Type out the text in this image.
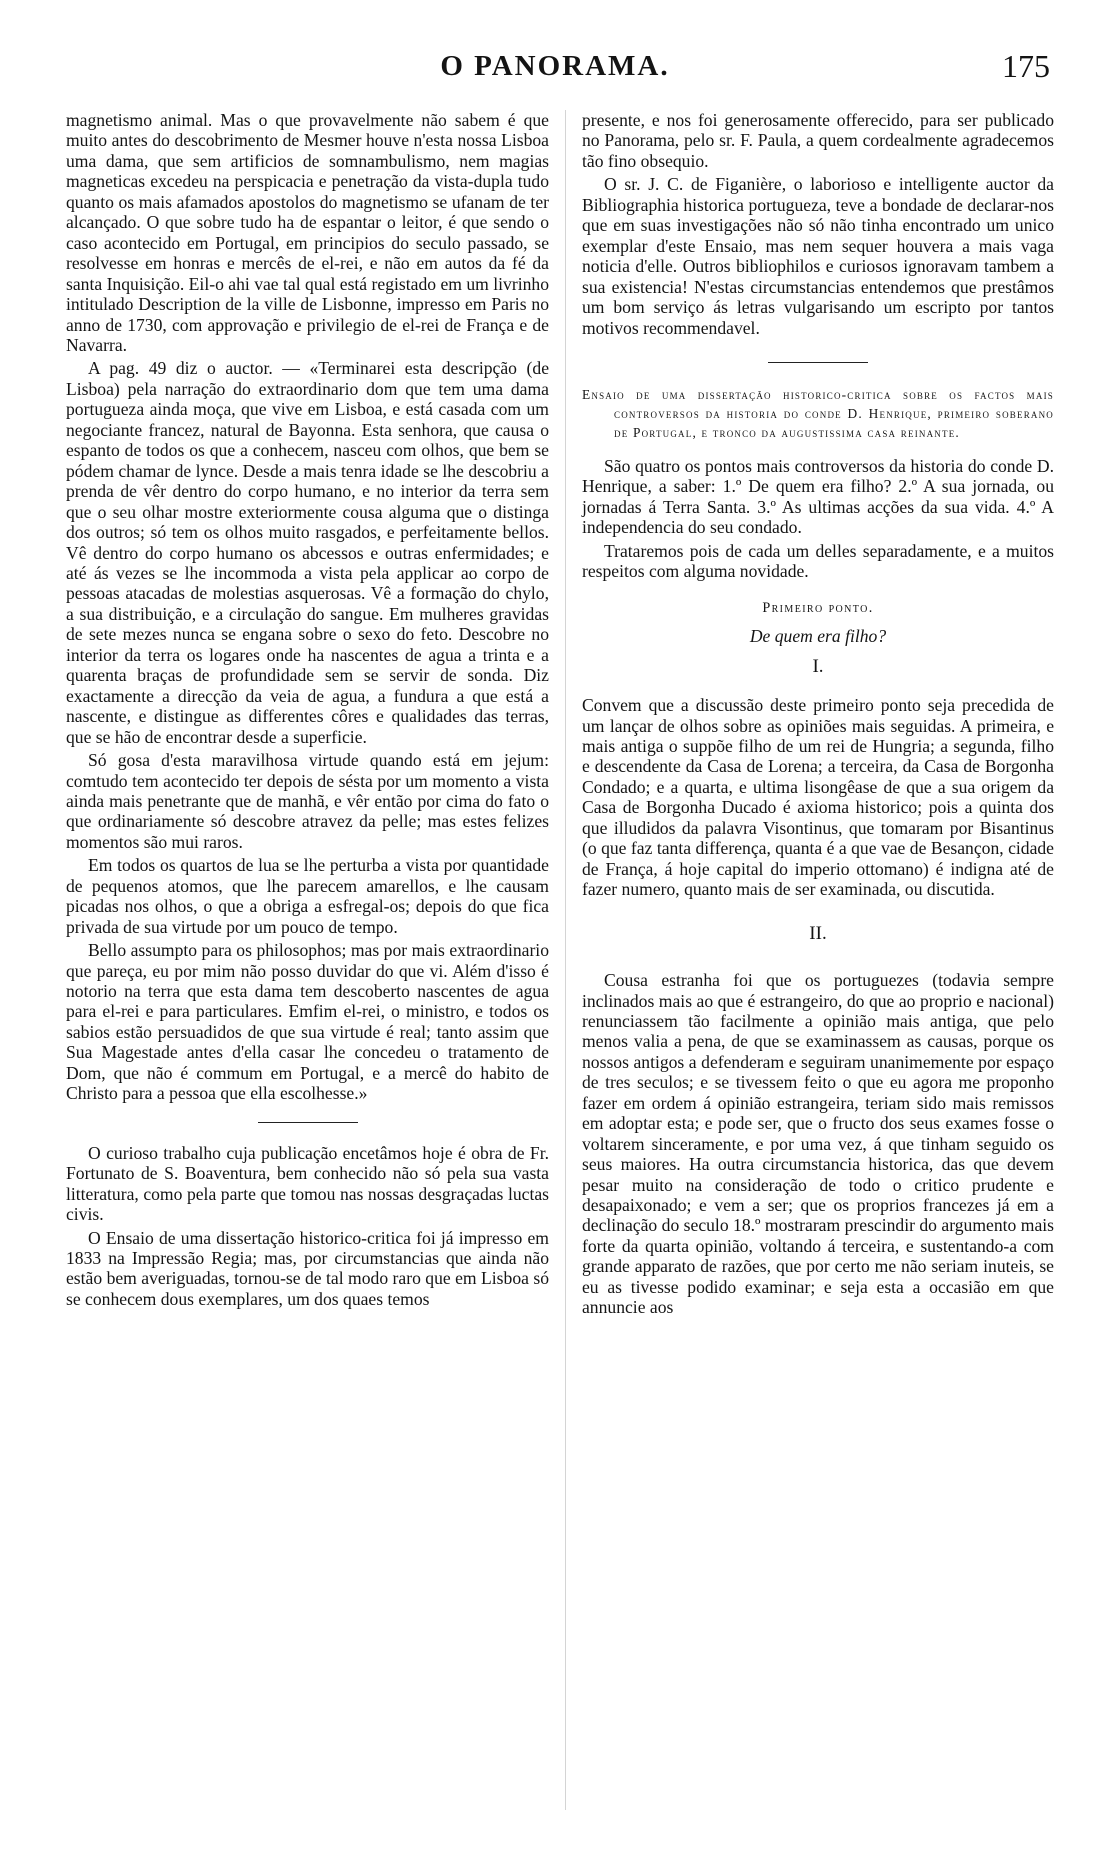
O PANORAMA.	175

magnetismo animal. Mas o que provavelmente não sabem é que muito antes do descobrimento de Mesmer houve n'esta nossa Lisboa uma dama, que sem artificios de somnambulismo, nem magias magneticas excedeu na perspicacia e penetração da vista-dupla tudo quanto os mais afamados apostolos do magnetismo se ufanam de ter alcançado. O que sobre tudo ha de espantar o leitor, é que sendo o caso acontecido em Portugal, em principios do seculo passado, se resolvesse em honras e mercês de el-rei, e não em autos da fé da santa Inquisição. Eil-o ahi vae tal qual está registado em um livrinho intitulado Description de la ville de Lisbonne, impresso em Paris no anno de 1730, com approvação e privilegio de el-rei de França e de Navarra.

A pag. 49 diz o auctor. — «Terminarei esta descripção (de Lisboa) pela narração do extraordinario dom que tem uma dama portugueza ainda moça, que vive em Lisboa, e está casada com um negociante francez, natural de Bayonna. Esta senhora, que causa o espanto de todos os que a conhecem, nasceu com olhos, que bem se pódem chamar de lynce. Desde a mais tenra idade se lhe descobriu a prenda de vêr dentro do corpo humano, e no interior da terra sem que o seu olhar mostre exteriormente cousa alguma que o distinga dos outros; só tem os olhos muito rasgados, e perfeitamente bellos. Vê dentro do corpo humano os abcessos e outras enfermidades; e até ás vezes se lhe incommoda a vista pela applicar ao corpo de pessoas atacadas de molestias asquerosas. Vê a formação do chylo, a sua distribuição, e a circulação do sangue. Em mulheres gravidas de sete mezes nunca se engana sobre o sexo do feto. Descobre no interior da terra os logares onde ha nascentes de agua a trinta e a quarenta braças de profundidade sem se servir de sonda. Diz exactamente a direcção da veia de agua, a fundura a que está a nascente, e distingue as differentes côres e qualidades das terras, que se hão de encontrar desde a superficie.

Só gosa d'esta maravilhosa virtude quando está em jejum: comtudo tem acontecido ter depois de sésta por um momento a vista ainda mais penetrante que de manhã, e vêr então por cima do fato o que ordinariamente só descobre atravez da pelle; mas estes felizes momentos são mui raros.

Em todos os quartos de lua se lhe perturba a vista por quantidade de pequenos atomos, que lhe parecem amarellos, e lhe causam picadas nos olhos, o que a obriga a esfregal-os; depois do que fica privada de sua virtude por um pouco de tempo.

Bello assumpto para os philosophos; mas por mais extraordinario que pareça, eu por mim não posso duvidar do que vi. Além d'isso é notorio na terra que esta dama tem descoberto nascentes de agua para el-rei e para particulares. Emfim el-rei, o ministro, e todos os sabios estão persuadidos de que sua virtude é real; tanto assim que Sua Magestade antes d'ella casar lhe concedeu o tratamento de Dom, que não é commum em Portugal, e a mercê do habito de Christo para a pessoa que ella escolhesse.»

O curioso trabalho cuja publicação encetâmos hoje é obra de Fr. Fortunato de S. Boaventura, bem conhecido não só pela sua vasta litteratura, como pela parte que tomou nas nossas desgraçadas luctas civis.

O Ensaio de uma dissertação historico-critica foi já impresso em 1833 na Impressão Regia; mas, por circumstancias que ainda não estão bem averiguadas, tornou-se de tal modo raro que em Lisboa só se conhecem dous exemplares, um dos quaes temos

presente, e nos foi generosamente offerecido, para ser publicado no Panorama, pelo sr. F. Paula, a quem cordealmente agradecemos tão fino obsequio.

O sr. J. C. de Figanière, o laborioso e intelligente auctor da Bibliographia historica portugueza, teve a bondade de declarar-nos que em suas investigações não só não tinha encontrado um unico exemplar d'este Ensaio, mas nem sequer houvera a mais vaga noticia d'elle. Outros bibliophilos e curiosos ignoravam tambem a sua existencia! N'estas circumstancias entendemos que prestâmos um bom serviço ás letras vulgarisando um escripto por tantos motivos recommendavel.

Ensaio de uma dissertação historico-critica sobre os factos mais controversos da historia do conde D. Henrique, primeiro soberano de Portugal, e tronco da augustissima casa reinante.

São quatro os pontos mais controversos da historia do conde D. Henrique, a saber: 1.º De quem era filho? 2.º A sua jornada, ou jornadas á Terra Santa. 3.º As ultimas acções da sua vida. 4.º A independencia do seu condado.

Trataremos pois de cada um delles separadamente, e a muitos respeitos com alguma novidade.

Primeiro ponto.
De quem era filho?
I.

Convem que a discussão deste primeiro ponto seja precedida de um lançar de olhos sobre as opiniões mais seguidas. A primeira, e mais antiga o suppõe filho de um rei de Hungria; a segunda, filho e descendente da Casa de Lorena; a terceira, da Casa de Borgonha Condado; e a quarta, e ultima lisongêase de que a sua origem da Casa de Borgonha Ducado é axioma historico; pois a quinta dos que illudidos da palavra Visontinus, que tomaram por Bisantinus (o que faz tanta differença, quanta é a que vae de Besançon, cidade de França, á hoje capital do imperio ottomano) é indigna até de fazer numero, quanto mais de ser examinada, ou discutida.

II.

Cousa estranha foi que os portuguezes (todavia sempre inclinados mais ao que é estrangeiro, do que ao proprio e nacional) renunciassem tão facilmente a opinião mais antiga, que pelo menos valia a pena, de que se examinassem as causas, porque os nossos antigos a defenderam e seguiram unanimemente por espaço de tres seculos; e se tivessem feito o que eu agora me proponho fazer em ordem á opinião estrangeira, teriam sido mais remissos em adoptar esta; e pode ser, que o fructo dos seus exames fosse o voltarem sinceramente, e por uma vez, á que tinham seguido os seus maiores. Ha outra circumstancia historica, das que devem pesar muito na consideração de todo o critico prudente e desapaixonado; e vem a ser; que os proprios francezes já em a declinação do seculo 18.º mostraram prescindir do argumento mais forte da quarta opinião, voltando á terceira, e sustentando-a com grande apparato de razões, que por certo me não seriam inuteis, se eu as tivesse podido examinar; e seja esta a occasião em que annuncie aos
